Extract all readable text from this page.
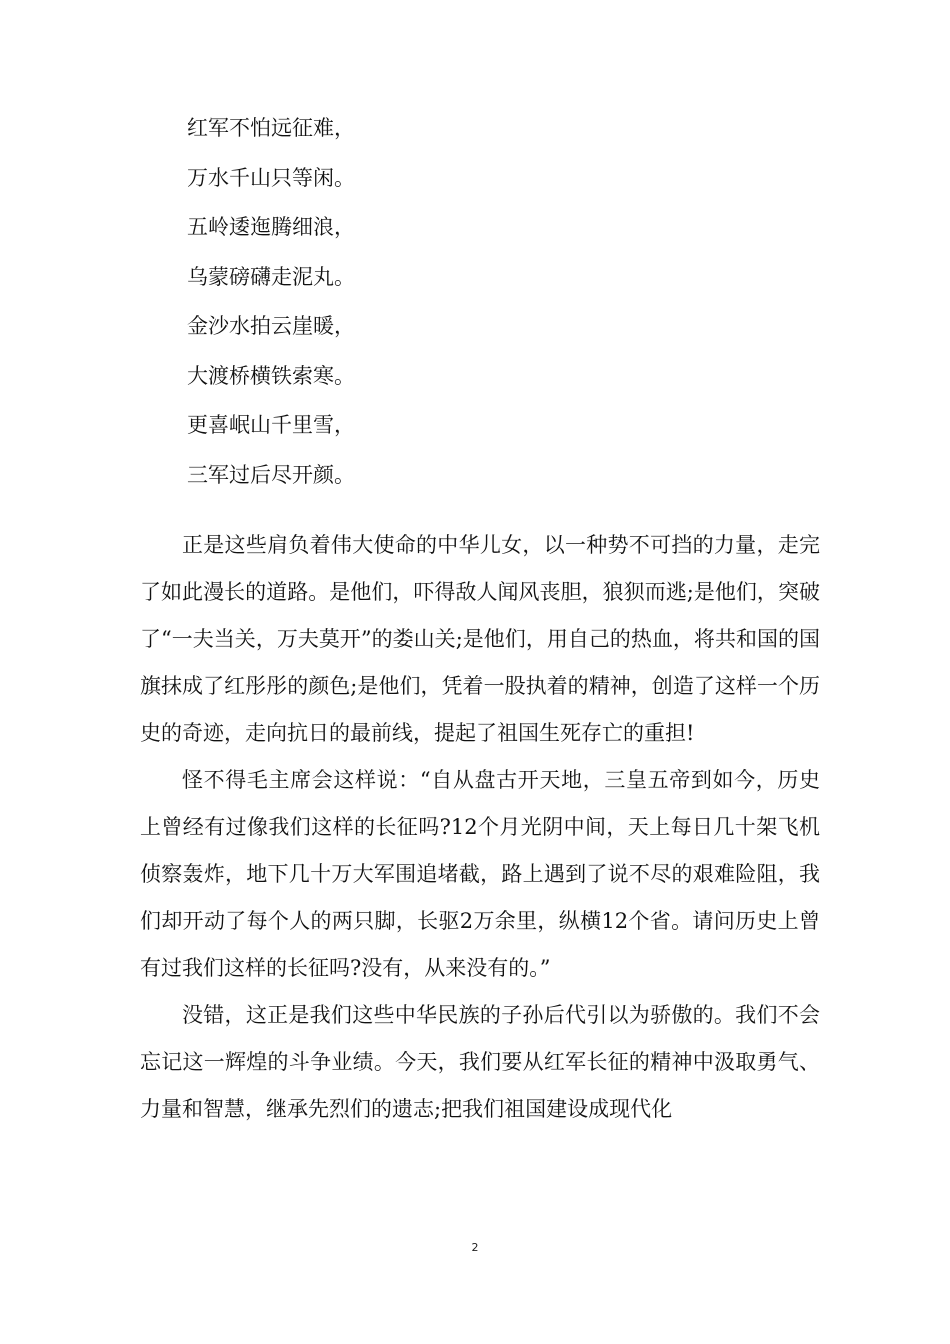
红军不怕远征难，
万水千山只等闲。
五岭逶迤腾细浪，
乌蒙磅礴走泥丸。
金沙水拍云崖暖，
大渡桥横铁索寒。
更喜岷山千里雪，
三军过后尽开颜。

正是这些肩负着伟大使命的中华儿女，以一种势不可挡的力量，走完了如此漫长的道路。是他们，吓得敌人闻风丧胆，狼狈而逃;是他们，突破了“一夫当关，万夫莫开”的娄山关;是他们，用自己的热血，将共和国的国旗抹成了红彤彤的颜色;是他们，凭着一股执着的精神，创造了这样一个历史的奇迹，走向抗日的最前线，提起了祖国生死存亡的重担!

怪不得毛主席会这样说：“自从盘古开天地，三皇五帝到如今，历史上曾经有过像我们这样的长征吗?12个月光阴中间，天上每日几十架飞机侦察轰炸，地下几十万大军围追堵截，路上遇到了说不尽的艰难险阻，我们却开动了每个人的两只脚，长驱2万余里，纵横12个省。请问历史上曾有过我们这样的长征吗?没有，从来没有的。”

没错，这正是我们这些中华民族的子孙后代引以为骄傲的。我们不会忘记这一辉煌的斗争业绩。今天，我们要从红军长征的精神中汲取勇气、力量和智慧，继承先烈们的遗志;把我们祖国建设成现代化

2
